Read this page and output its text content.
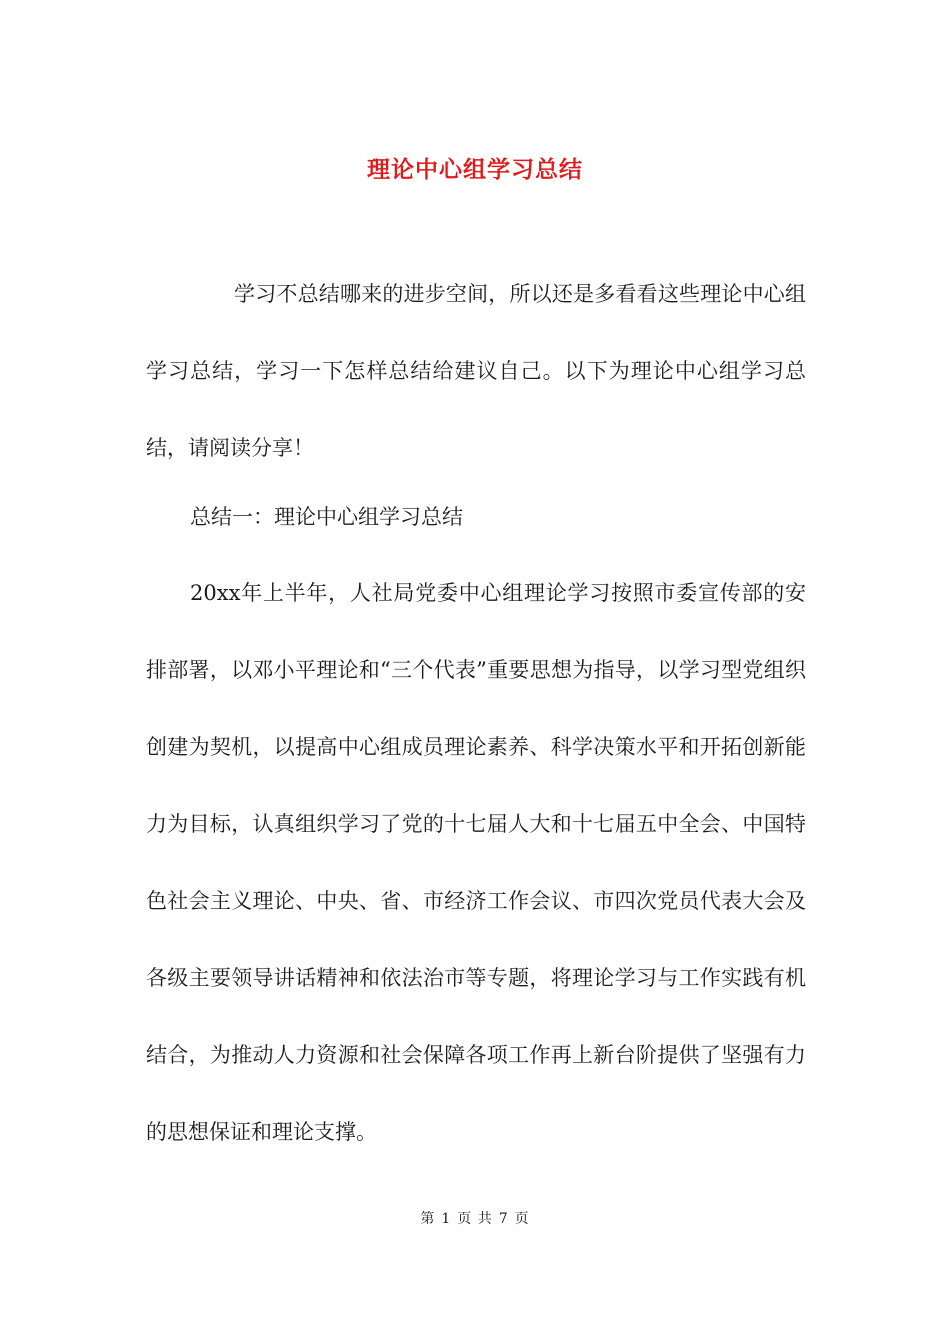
理论中心组学习总结

学习不总结哪来的进步空间，所以还是多看看这些理论中心组学习总结，学习一下怎样总结给建议自己。以下为理论中心组学习总结，请阅读分享！

总结一：理论中心组学习总结

20xx年上半年，人社局党委中心组理论学习按照市委宣传部的安排部署，以邓小平理论和“三个代表”重要思想为指导，以学习型党组织创建为契机，以提高中心组成员理论素养、科学决策水平和开拓创新能力为目标，认真组织学习了党的十七届人大和十七届五中全会、中国特色社会主义理论、中央、省、市经济工作会议、市四次党员代表大会及各级主要领导讲话精神和依法治市等专题，将理论学习与工作实践有机结合，为推动人力资源和社会保障各项工作再上新台阶提供了坚强有力的思想保证和理论支撑。

第 1 页 共 7 页
